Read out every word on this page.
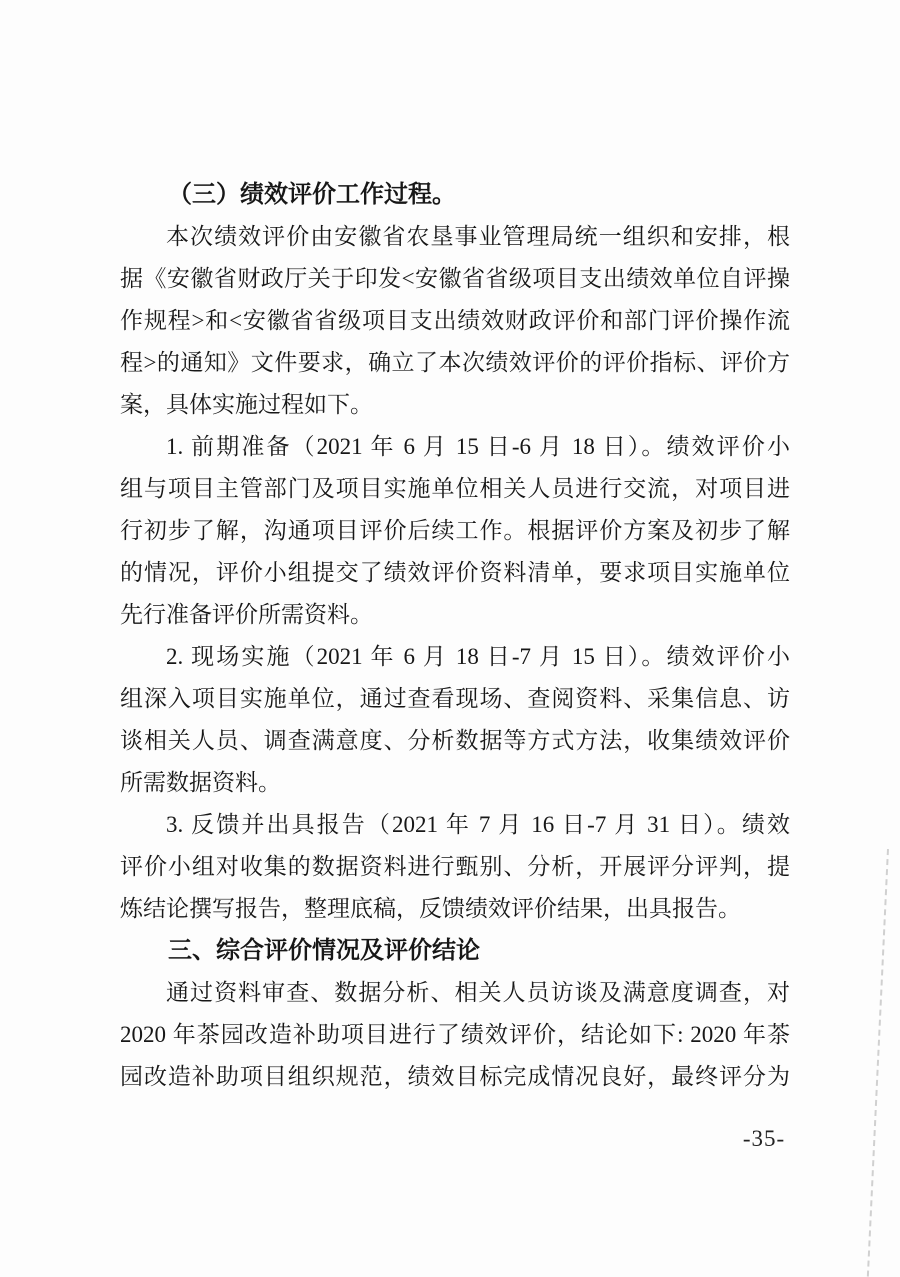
（三）绩效评价工作过程。
本次绩效评价由安徽省农垦事业管理局统一组织和安排，根
据《安徽省财政厅关于印发<安徽省省级项目支出绩效单位自评操
作规程>和<安徽省省级项目支出绩效财政评价和部门评价操作流
程>的通知》文件要求，确立了本次绩效评价的评价指标、评价方
案，具体实施过程如下。
1. 前期准备（2021 年 6 月 15 日-6 月 18 日）。绩效评价小
组与项目主管部门及项目实施单位相关人员进行交流，对项目进
行初步了解，沟通项目评价后续工作。根据评价方案及初步了解
的情况，评价小组提交了绩效评价资料清单，要求项目实施单位
先行准备评价所需资料。
2. 现场实施（2021 年 6 月 18 日-7 月 15 日）。绩效评价小
组深入项目实施单位，通过查看现场、查阅资料、采集信息、访
谈相关人员、调查满意度、分析数据等方式方法，收集绩效评价
所需数据资料。
3. 反馈并出具报告（2021 年 7 月 16 日-7 月 31 日）。绩效
评价小组对收集的数据资料进行甄别、分析，开展评分评判，提
炼结论撰写报告，整理底稿，反馈绩效评价结果，出具报告。
三、综合评价情况及评价结论
通过资料审查、数据分析、相关人员访谈及满意度调查，对
2020 年茶园改造补助项目进行了绩效评价，结论如下: 2020 年茶
园改造补助项目组织规范，绩效目标完成情况良好，最终评分为
-35-
